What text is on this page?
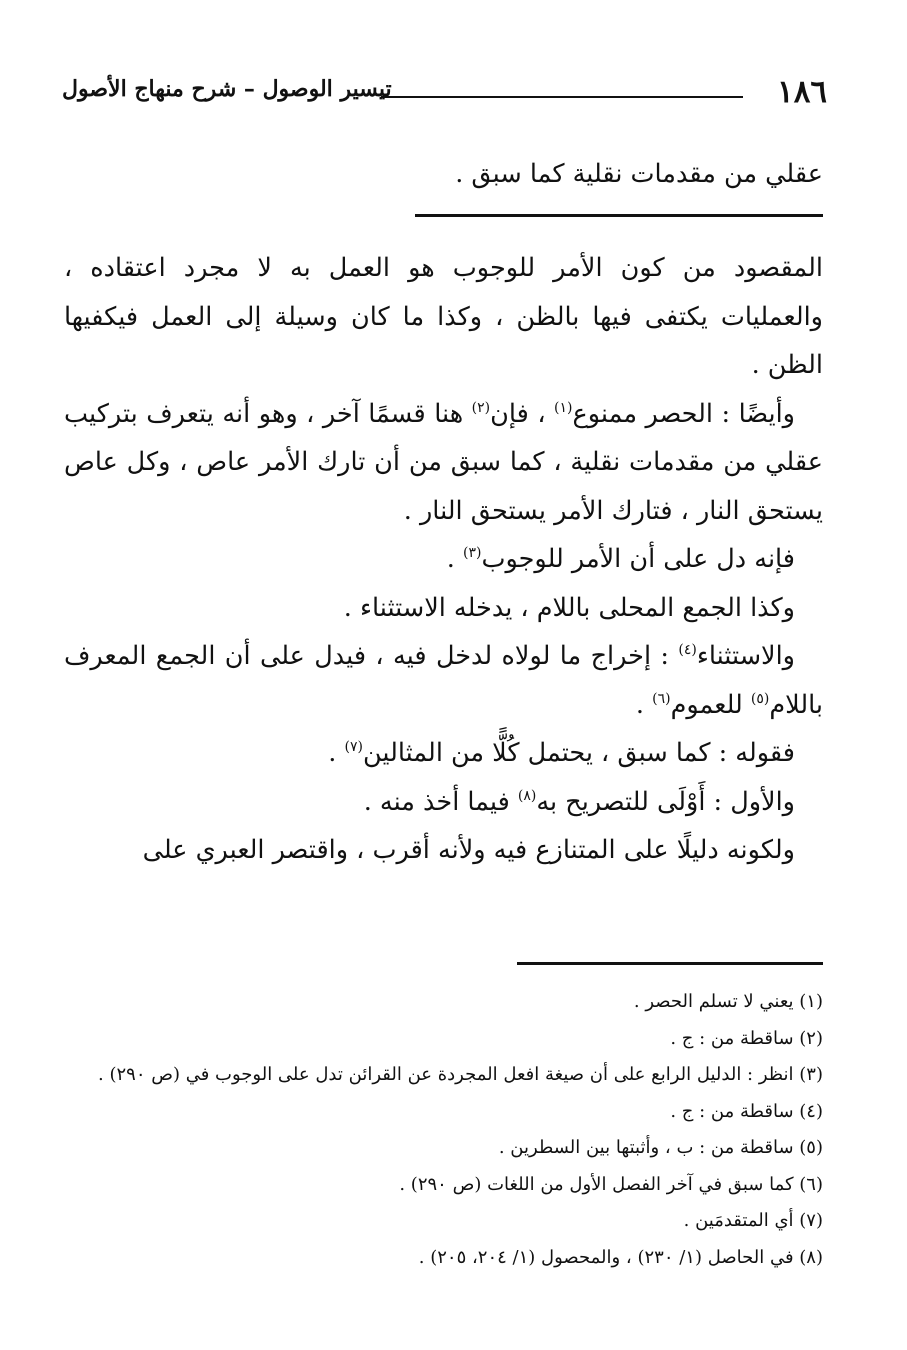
١٨٦
تيسير الوصول – شرح منهاج الأصول

عقلي من مقدمات نقلية كما سبق .

المقصود من كون الأمر للوجوب هو العمل به لا مجرد اعتقاده ، والعمليات يكتفى فيها بالظن ، وكذا ما كان وسيلة إلى العمل فيكفيها الظن .

وأيضًا : الحصر ممنوع$^{(١)}$ ، فإن$^{(٢)}$ هنا قسمًا آخر ، وهو أنه يتعرف بتركيب عقلي من مقدمات نقلية ، كما سبق من أن تارك الأمر عاص ، وكل عاص يستحق النار ، فتارك الأمر يستحق النار .

فإنه دل على أن الأمر للوجوب$^{(٣)}$ .

وكذا الجمع المحلى باللام ، يدخله الاستثناء .

والاستثناء$^{(٤)}$ : إخراج ما لولاه لدخل فيه ، فيدل على أن الجمع المعرف باللام$^{(٥)}$ للعموم$^{(٦)}$ .

فقوله : كما سبق ، يحتمل كُلًّا من المثالين$^{(٧)}$ .

والأول : أَوْلَى للتصريح به$^{(٨)}$ فيما أخذ منه .

ولكونه دليلًا على المتنازع فيه ولأنه أقرب ، واقتصر العبري على

(١) يعني لا تسلم الحصر .
(٢) ساقطة من : ج .
(٣) انظر : الدليل الرابع على أن صيغة افعل المجردة عن القرائن تدل على الوجوب في (ص ٢٩٠) .
(٤) ساقطة من : ج .
(٥) ساقطة من : ب ، وأثبتها بين السطرين .
(٦) كما سبق في آخر الفصل الأول من اللغات (ص ٢٩٠) .
(٧) أي المتقدمَين .
(٨) في الحاصل (١/ ٢٣٠) ، والمحصول (١/ ٢٠٤، ٢٠٥) .
